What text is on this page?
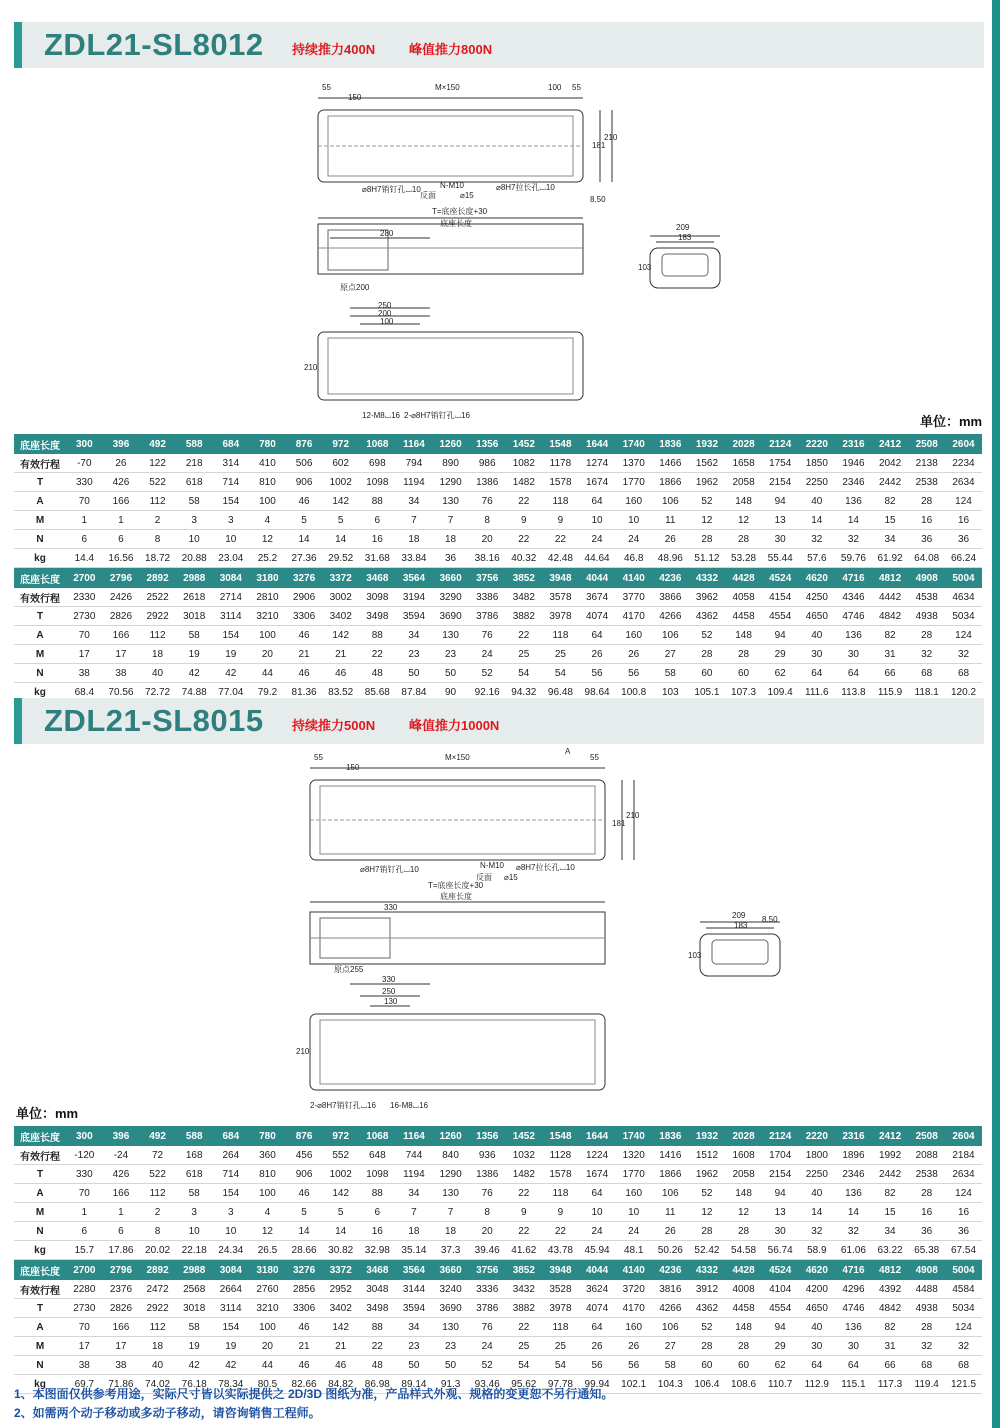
ZDL21-SL8012 持续推力400N	峰值推力800N
55
150
M×150	100 55
181
210
⌀8H7销钉孔⌴10 N-M10
反面	⌀15
⌀8H7拉长孔⌴10
8.50
T=底座长度+30
底座长度
280
原点200
209
183
103
250
200
100
210
12-M8⌴16 2-⌀8H7销钉孔⌴16	单位：mm
底座长度	300	396	492	588	684	780	876	972	1068	1164	1260	1356	1452	1548	1644	1740	1836	1932	2028	2124	2220	2316	2412	2508	2604
有效行程	-70	26	122	218	314	410	506	602	698	794	890	986	1082	1178	1274	1370	1466	1562	1658	1754	1850	1946	2042	2138	2234
T	330	426	522	618	714	810	906	1002	1098	1194	1290	1386	1482	1578	1674	1770	1866	1962	2058	2154	2250	2346	2442	2538	2634
A	70	166	112	58	154	100	46	142	88	34	130	76	22	118	64	160	106	52	148	94	40	136	82	28	124
M	1	1	2	3	3	4	5	5	6	7	7	8	9	9	10	10	11	12	12	13	14	14	15	16	16
N	6	6	8	10	10	12	14	14	16	18	18	20	22	22	24	24	26	28	28	30	32	32	34	36	36
kg	14.4	16.56	18.72	20.88	23.04	25.2	27.36	29.52	31.68	33.84	36	38.16	40.32	42.48	44.64	46.8	48.96	51.12	53.28	55.44	57.6	59.76	61.92	64.08	66.24
底座长度	2700	2796	2892	2988	3084	3180	3276	3372	3468	3564	3660	3756	3852	3948	4044	4140	4236	4332	4428	4524	4620	4716	4812	4908	5004
有效行程	2330	2426	2522	2618	2714	2810	2906	3002	3098	3194	3290	3386	3482	3578	3674	3770	3866	3962	4058	4154	4250	4346	4442	4538	4634
T	2730	2826	2922	3018	3114	3210	3306	3402	3498	3594	3690	3786	3882	3978	4074	4170	4266	4362	4458	4554	4650	4746	4842	4938	5034
A	70	166	112	58	154	100	46	142	88	34	130	76	22	118	64	160	106	52	148	94	40	136	82	28	124
M	17	17	18	19	19	20	21	21	22	23	23	24	25	25	26	26	27	28	28	29	30	30	31	32	32
N	38	38	40	42	42	44	46	46	48	50	50	52	54	54	56	56	58	60	60	62	64	64	66	68	68
kg	68.4	70.56	72.72	74.88	77.04	79.2	81.36	83.52	85.68	87.84	90	92.16	94.32	96.48	98.64	100.8	103	105.1	107.3	109.4	111.6	113.8	115.9	118.1	120.2
ZDL21-SL8015 持续推力500N	峰值推力1000N
55
150
M×150
A
55
181
210
⌀8H7销钉孔⌴10	N-M10
反面 ⌀15
⌀8H7拉长孔⌴10
8.50
T=底座长度+30
底座长度
330
原点255
209
183
103
330
250
130
210
2-⌀8H7销钉孔⌴16 16-M8⌴16
单位：mm
底座长度	300	396	492	588	684	780	876	972	1068	1164	1260	1356	1452	1548	1644	1740	1836	1932	2028	2124	2220	2316	2412	2508	2604
有效行程	-120	-24	72	168	264	360	456	552	648	744	840	936	1032	1128	1224	1320	1416	1512	1608	1704	1800	1896	1992	2088	2184
T	330	426	522	618	714	810	906	1002	1098	1194	1290	1386	1482	1578	1674	1770	1866	1962	2058	2154	2250	2346	2442	2538	2634
A	70	166	112	58	154	100	46	142	88	34	130	76	22	118	64	160	106	52	148	94	40	136	82	28	124
M	1	1	2	3	3	4	5	5	6	7	7	8	9	9	10	10	11	12	12	13	14	14	15	16	16
N	6	6	8	10	10	12	14	14	16	18	18	20	22	22	24	24	26	28	28	30	32	32	34	36	36
kg	15.7	17.86	20.02	22.18	24.34	26.5	28.66	30.82	32.98	35.14	37.3	39.46	41.62	43.78	45.94	48.1	50.26	52.42	54.58	56.74	58.9	61.06	63.22	65.38	67.54
底座长度	2700	2796	2892	2988	3084	3180	3276	3372	3468	3564	3660	3756	3852	3948	4044	4140	4236	4332	4428	4524	4620	4716	4812	4908	5004
有效行程	2280	2376	2472	2568	2664	2760	2856	2952	3048	3144	3240	3336	3432	3528	3624	3720	3816	3912	4008	4104	4200	4296	4392	4488	4584
T	2730	2826	2922	3018	3114	3210	3306	3402	3498	3594	3690	3786	3882	3978	4074	4170	4266	4362	4458	4554	4650	4746	4842	4938	5034
A	70	166	112	58	154	100	46	142	88	34	130	76	22	118	64	160	106	52	148	94	40	136	82	28	124
M	17	17	18	19	19	20	21	21	22	23	23	24	25	25	26	26	27	28	28	29	30	30	31	32	32
N	38	38	40	42	42	44	46	46	48	50	50	52	54	54	56	56	58	60	60	62	64	64	66	68	68
kg	69.7	71.86	74.02	76.18	78.34	80.5	82.66	84.82	86.98	89.14	91.3	93.46	95.62	97.78	99.94	102.1	104.3	106.4	108.6	110.7	112.9	115.1	117.3	119.4	121.5
1、本图面仅供参考用途，实际尺寸皆以实际提供之 2D/3D 图纸为准，产品样式外观、规格的变更恕不另行通知。
2、如需两个动子移动或多动子移动，请咨询销售工程师。
